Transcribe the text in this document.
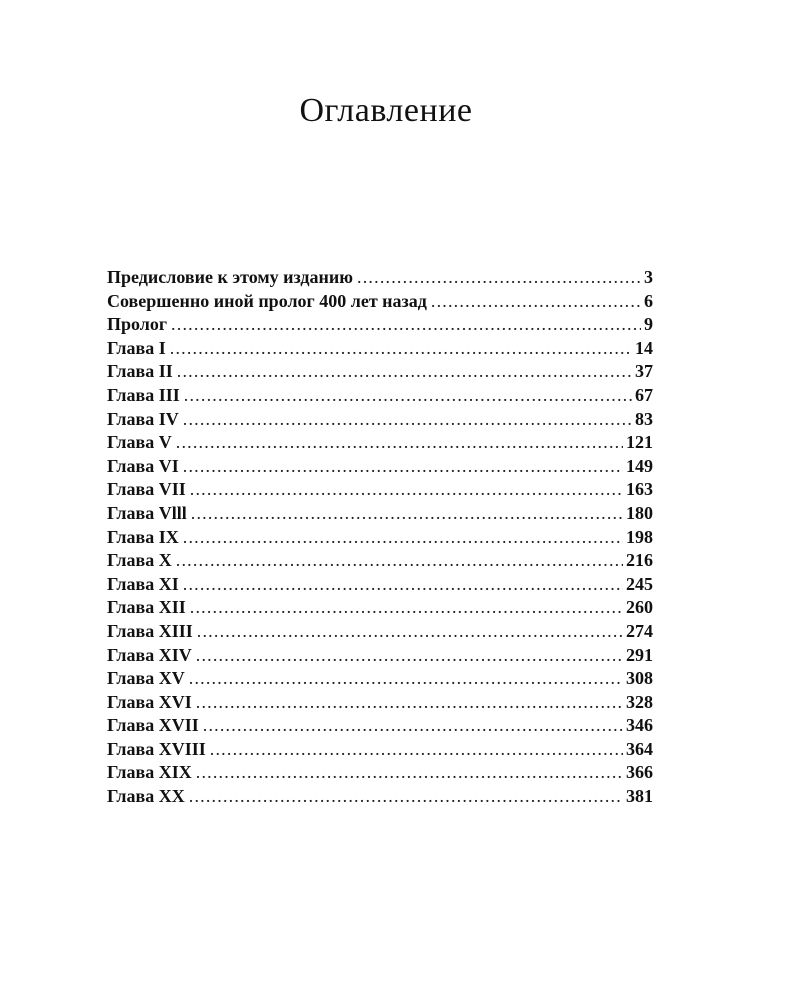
Оглавление
Предисловие к этому изданию .....	3
Совершенно иной пролог 400 лет назад .....	6
Пролог .....	9
Глава I .....	14
Глава II .....	37
Глава III .....	67
Глава IV .....	83
Глава V .....	121
Глава VI .....	149
Глава VII .....	163
Глава Vlll .....	180
Глава IX .....	198
Глава X .....	216
Глава XI .....	245
Глава XII .....	260
Глава XIII .....	274
Глава XIV .....	291
Глава XV .....	308
Глава XVI .....	328
Глава XVII .....	346
Глава XVIII .....	364
Глава XIX .....	366
Глава XX .....	381
